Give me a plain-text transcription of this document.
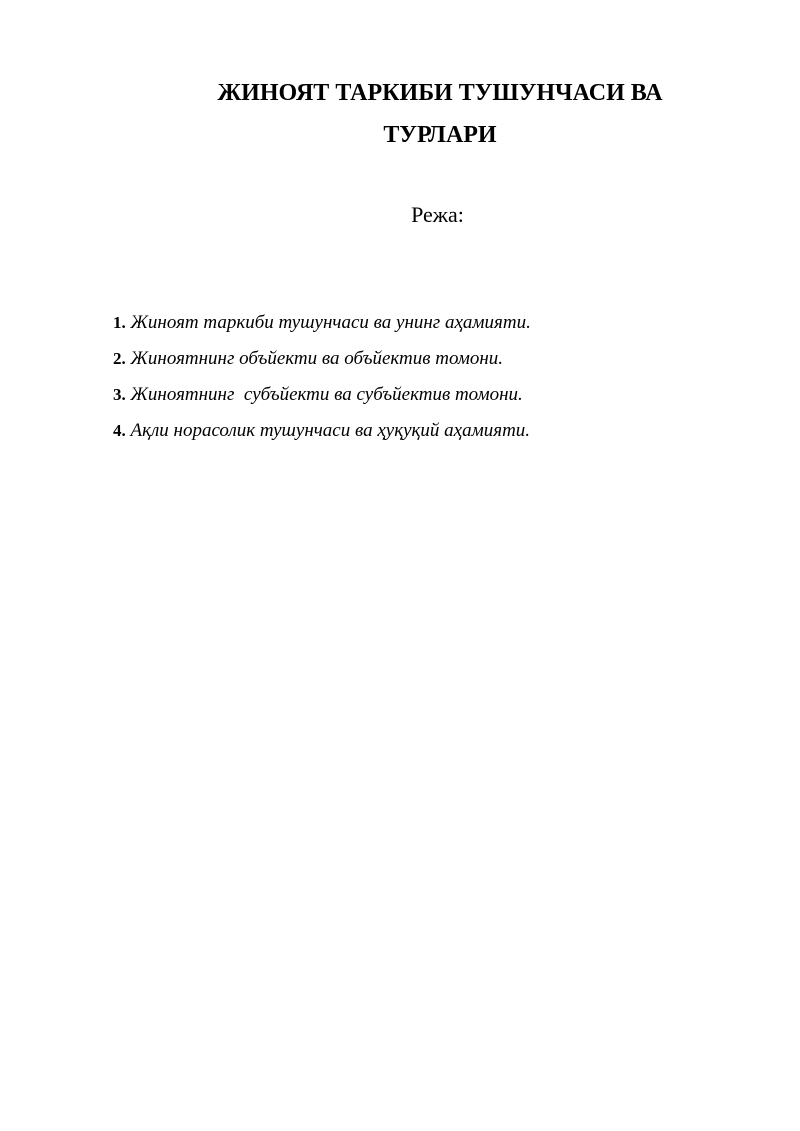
ЖИНОЯТ ТАРКИБИ ТУШУНЧАСИ ВА
ТУРЛАРИ

Режа:

1. Жиноят таркиби тушунчаси ва унинг аҳамияти.
2. Жиноятнинг объйекти ва объйектив томони.
3. Жиноятнинг  субъйекти ва субъйектив томони.
4. Ақли норасолик тушунчаси ва ҳуқуқий аҳамияти.
